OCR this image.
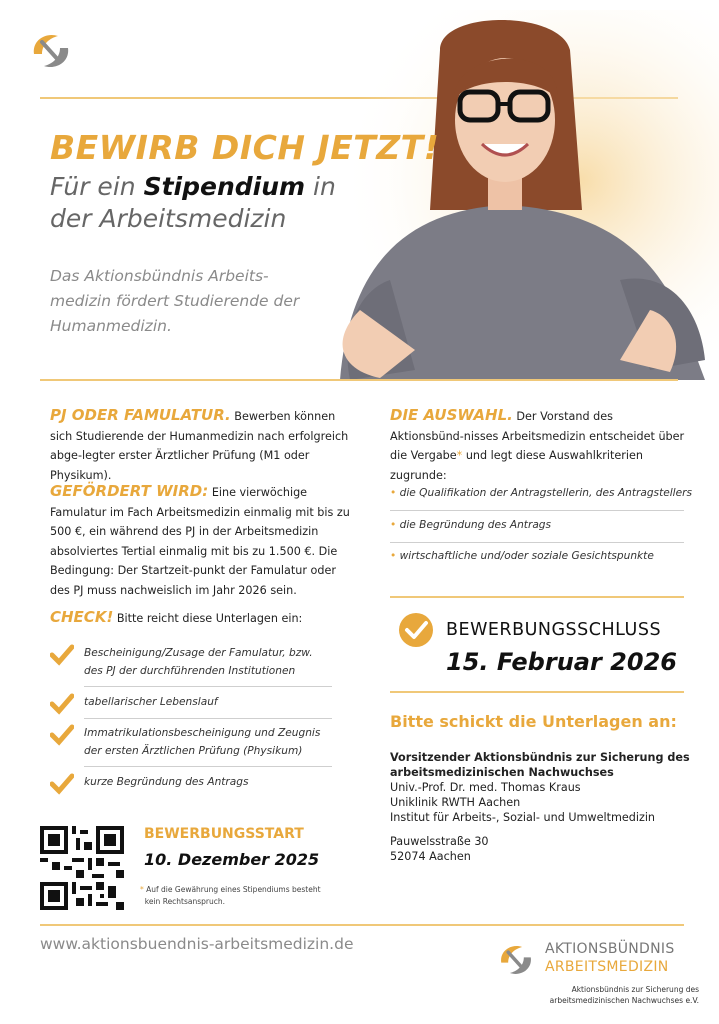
BEWIRB DICH JETZT!
Für ein Stipendium in
der Arbeitsmedizin
Das Aktionsbündnis Arbeits-medizin fördert Studierende der Humanmedizin.
PJ ODER FAMULATUR. Bewerben können sich Studierende der Humanmedizin nach erfolgreich abge-legter erster Ärztlicher Prüfung (M1 oder Physikum).
GEFÖRDERT WIRD: Eine vierwöchige Famulatur im Fach Arbeitsmedizin einmalig mit bis zu 500 €, ein während des PJ in der Arbeitsmedizin absolviertes Tertial einmalig mit bis zu 1.500 €. Die Bedingung: Der Startzeit-punkt der Famulatur oder des PJ muss nachweislich im Jahr 2026 sein.
CHECK! Bitte reicht diese Unterlagen ein:
Bescheinigung/Zusage der Famulatur, bzw. des PJ der durchführenden Institutionen
tabellarischer Lebenslauf
Immatrikulationsbescheinigung und Zeugnis der ersten Ärztlichen Prüfung (Physikum)
kurze Begründung des Antrags
BEWERBUNGSSTART
10. Dezember 2025
* Auf die Gewährung eines Stipendiums besteht
kein Rechtsanspruch.
DIE AUSWAHL. Der Vorstand des Aktionsbünd-nisses Arbeitsmedizin entscheidet über die Vergabe* und legt diese Auswahlkriterien zugrunde:
• die Qualifikation der Antragstellerin, des Antragstellers
• die Begründung des Antrags
• wirtschaftliche und/oder soziale Gesichtspunkte
BEWERBUNGSSCHLUSS
15. Februar 2026
Bitte schickt die Unterlagen an:
Vorsitzender Aktionsbündnis zur Sicherung des
arbeitsmedizinischen Nachwuchses
Univ.-Prof. Dr. med. Thomas Kraus
Uniklinik RWTH Aachen
Institut für Arbeits-, Sozial- und Umweltmedizin
Pauwelsstraße 30
52074 Aachen
www.aktionsbuendnis-arbeitsmedizin.de	AKTIONSBÜNDNIS
ARBEITSMEDIZIN
Aktionsbündnis zur Sicherung des
arbeitsmedizinischen Nachwuchses e.V.
